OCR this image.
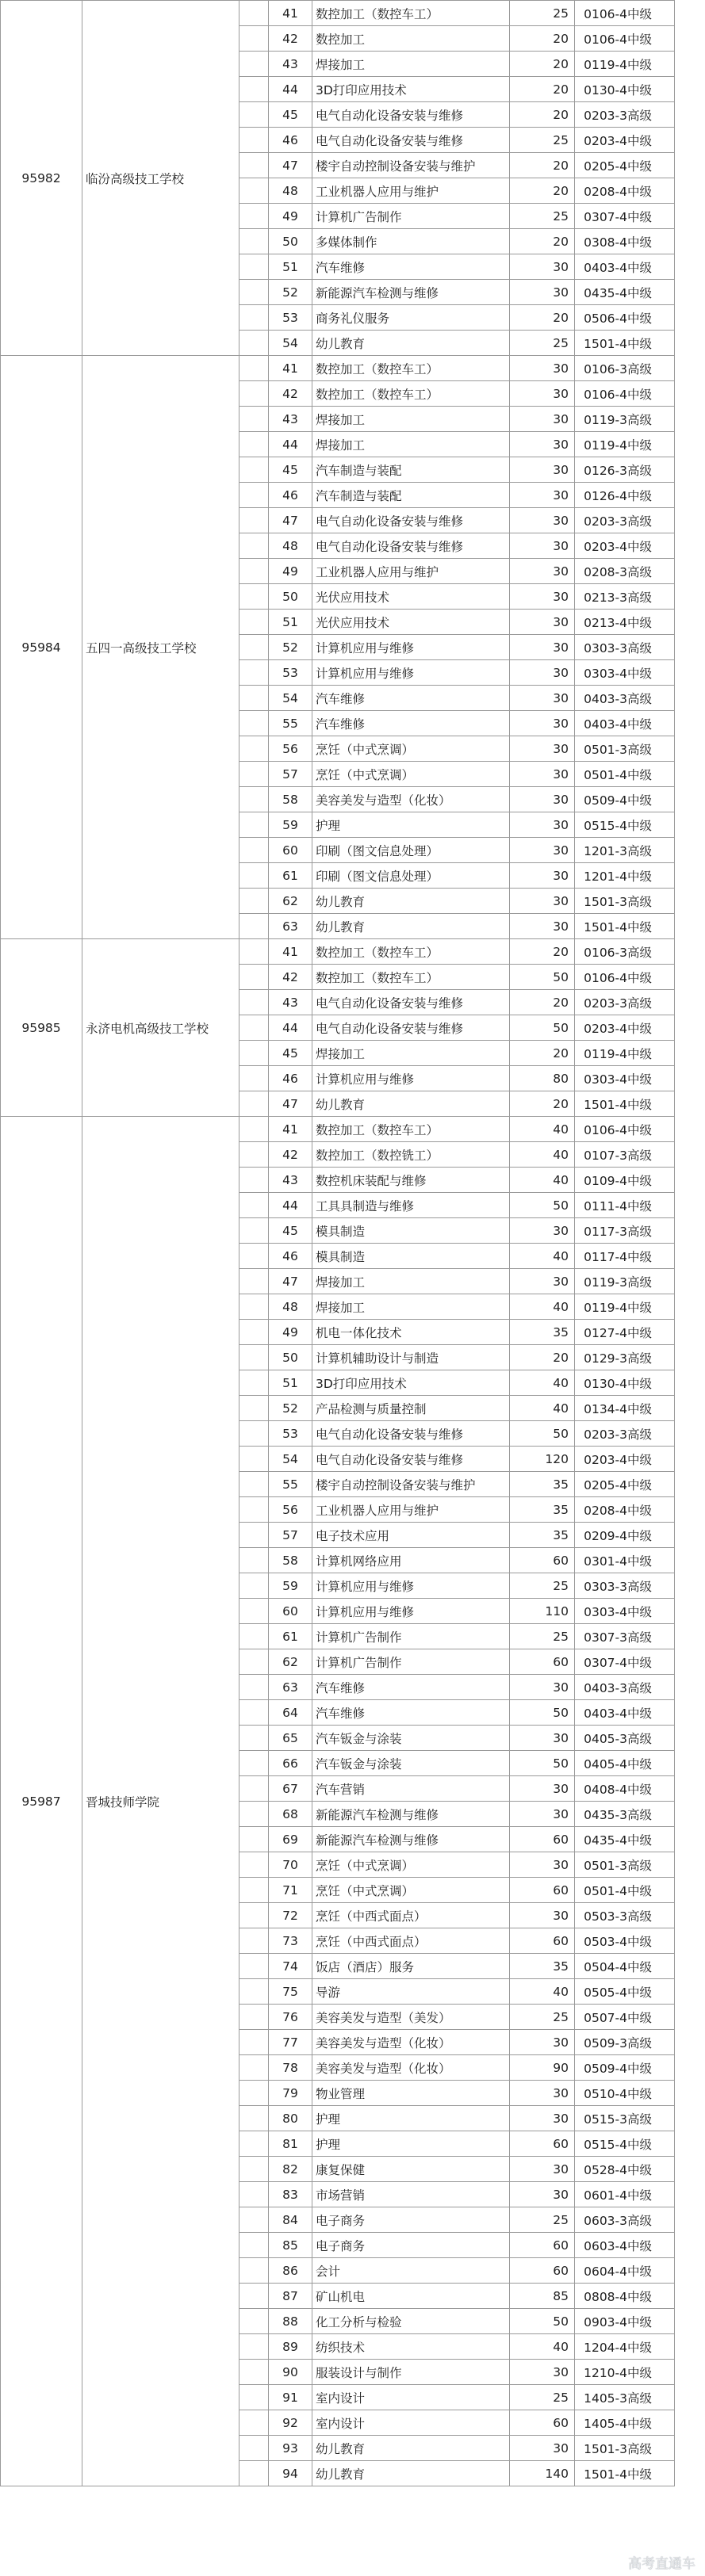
95982	临汾高级技工学校		41	数控加工（数控车工）	25	0106-4中级
			42	数控加工	20	0106-4中级
			43	焊接加工	20	0119-4中级
			44	3D打印应用技术	20	0130-4中级
			45	电气自动化设备安装与维修	20	0203-3高级
			46	电气自动化设备安装与维修	25	0203-4中级
			47	楼宇自动控制设备安装与维护	20	0205-4中级
			48	工业机器人应用与维护	20	0208-4中级
			49	计算机广告制作	25	0307-4中级
			50	多媒体制作	20	0308-4中级
			51	汽车维修	30	0403-4中级
			52	新能源汽车检测与维修	30	0435-4中级
			53	商务礼仪服务	20	0506-4中级
			54	幼儿教育	25	1501-4中级
95984	五四一高级技工学校		41	数控加工（数控车工）	30	0106-3高级
			42	数控加工（数控车工）	30	0106-4中级
			43	焊接加工	30	0119-3高级
			44	焊接加工	30	0119-4中级
			45	汽车制造与装配	30	0126-3高级
			46	汽车制造与装配	30	0126-4中级
			47	电气自动化设备安装与维修	30	0203-3高级
			48	电气自动化设备安装与维修	30	0203-4中级
			49	工业机器人应用与维护	30	0208-3高级
			50	光伏应用技术	30	0213-3高级
			51	光伏应用技术	30	0213-4中级
			52	计算机应用与维修	30	0303-3高级
			53	计算机应用与维修	30	0303-4中级
			54	汽车维修	30	0403-3高级
			55	汽车维修	30	0403-4中级
			56	烹饪（中式烹调）	30	0501-3高级
			57	烹饪（中式烹调）	30	0501-4中级
			58	美容美发与造型（化妆）	30	0509-4中级
			59	护理	30	0515-4中级
			60	印刷（图文信息处理）	30	1201-3高级
			61	印刷（图文信息处理）	30	1201-4中级
			62	幼儿教育	30	1501-3高级
			63	幼儿教育	30	1501-4中级
95985	永济电机高级技工学校		41	数控加工（数控车工）	20	0106-3高级
			42	数控加工（数控车工）	50	0106-4中级
			43	电气自动化设备安装与维修	20	0203-3高级
			44	电气自动化设备安装与维修	50	0203-4中级
			45	焊接加工	20	0119-4中级
			46	计算机应用与维修	80	0303-4中级
			47	幼儿教育	20	1501-4中级
95987	晋城技师学院		41	数控加工（数控车工）	40	0106-4中级
			42	数控加工（数控铣工）	40	0107-3高级
			43	数控机床装配与维修	40	0109-4中级
			44	工具具制造与维修	50	0111-4中级
			45	模具制造	30	0117-3高级
			46	模具制造	40	0117-4中级
			47	焊接加工	30	0119-3高级
			48	焊接加工	40	0119-4中级
			49	机电一体化技术	35	0127-4中级
			50	计算机辅助设计与制造	20	0129-3高级
			51	3D打印应用技术	40	0130-4中级
			52	产品检测与质量控制	40	0134-4中级
			53	电气自动化设备安装与维修	50	0203-3高级
			54	电气自动化设备安装与维修	120	0203-4中级
			55	楼宇自动控制设备安装与维护	35	0205-4中级
			56	工业机器人应用与维护	35	0208-4中级
			57	电子技术应用	35	0209-4中级
			58	计算机网络应用	60	0301-4中级
			59	计算机应用与维修	25	0303-3高级
			60	计算机应用与维修	110	0303-4中级
			61	计算机广告制作	25	0307-3高级
			62	计算机广告制作	60	0307-4中级
			63	汽车维修	30	0403-3高级
			64	汽车维修	50	0403-4中级
			65	汽车钣金与涂装	30	0405-3高级
			66	汽车钣金与涂装	50	0405-4中级
			67	汽车营销	30	0408-4中级
			68	新能源汽车检测与维修	30	0435-3高级
			69	新能源汽车检测与维修	60	0435-4中级
			70	烹饪（中式烹调）	30	0501-3高级
			71	烹饪（中式烹调）	60	0501-4中级
			72	烹饪（中西式面点）	30	0503-3高级
			73	烹饪（中西式面点）	60	0503-4中级
			74	饭店（酒店）服务	35	0504-4中级
			75	导游	40	0505-4中级
			76	美容美发与造型（美发）	25	0507-4中级
			77	美容美发与造型（化妆）	30	0509-3高级
			78	美容美发与造型（化妆）	90	0509-4中级
			79	物业管理	30	0510-4中级
			80	护理	30	0515-3高级
			81	护理	60	0515-4中级
			82	康复保健	30	0528-4中级
			83	市场营销	30	0601-4中级
			84	电子商务	25	0603-3高级
			85	电子商务	60	0603-4中级
			86	会计	60	0604-4中级
			87	矿山机电	85	0808-4中级
			88	化工分析与检验	50	0903-4中级
			89	纺织技术	40	1204-4中级
			90	服装设计与制作	30	1210-4中级
			91	室内设计	25	1405-3高级
			92	室内设计	60	1405-4中级
			93	幼儿教育	30	1501-3高级
			94	幼儿教育	140	1501-4中级
高考直通车
